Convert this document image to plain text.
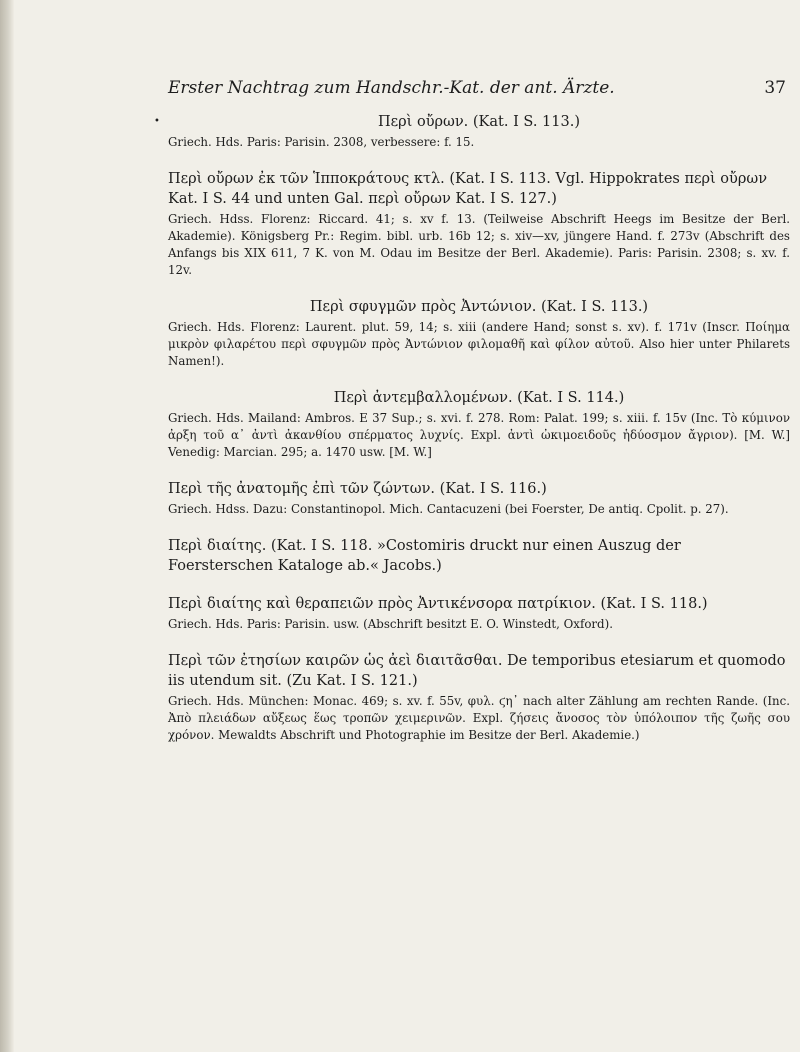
Erster Nachtrag zum Handschr.-Kat. der ant. Ärzte.	37
•	Περὶ οὔρων. (Kat. I S. 113.)

Griech. Hds. Paris: Parisin. 2308, verbessere: f. 15.

Περὶ οὔρων ἐκ τῶν Ἱπποκράτους κτλ. (Kat. I S. 113. Vgl. Hippokrates περὶ οὔρων Kat. I S. 44 und unten Gal. περὶ οὔρων Kat. I S. 127.)

Griech. Hdss. Florenz: Riccard. 41; s. xv f. 13. (Teilweise Abschrift Heegs im Besitze der Berl. Akademie). Königsberg Pr.: Regim. bibl. urb. 16b 12; s. xiv—xv, jüngere Hand. f. 273v (Abschrift des Anfangs bis XIX 611, 7 K. von M. Odau im Besitze der Berl. Akademie). Paris: Parisin. 2308; s. xv. f. 12v.

Περὶ σφυγμῶν πρὸς Ἀντώνιον. (Kat. I S. 113.)

Griech. Hds. Florenz: Laurent. plut. 59, 14; s. xiii (andere Hand; sonst s. xv). f. 171v (Inscr. Ποίημα μικρὸν φιλαρέτου περὶ σφυγμῶν πρὸς Ἀντώνιον φιλομαθῆ καὶ φίλον αὐτοῦ. Also hier unter Philarets Namen!).

Περὶ ἀντεμβαλλομένων. (Kat. I S. 114.)

Griech. Hds. Mailand: Ambros. E 37 Sup.; s. xvi. f. 278. Rom: Palat. 199; s. xiii. f. 15v (Inc. Τὸ κύμινον ἀρξη τοῦ α᾽ ἀντὶ ἀκανθίου σπέρματος λυχνίς. Expl. ἀντὶ ὠκιμοειδοῦς ἡδύοσμον ἄγριον). [M. W.] Venedig: Marcian. 295; a. 1470 usw. [M. W.]

Περὶ τῆς ἀνατομῆς ἐπὶ τῶν ζώντων. (Kat. I S. 116.)

Griech. Hdss. Dazu: Constantinopol. Mich. Cantacuzeni (bei Foerster, De antiq. Cpolit. p. 27).

Περὶ διαίτης. (Kat. I S. 118. »Costomiris druckt nur einen Auszug der Foersterschen Kataloge ab.« Jacobs.)

Περὶ διαίτης καὶ θεραπειῶν πρὸς Ἀντικένσορα πατρίκιον. (Kat. I S. 118.)

Griech. Hds. Paris: Parisin. usw. (Abschrift besitzt E. O. Winstedt, Oxford).

Περὶ τῶν ἐτησίων καιρῶν ὡς ἀεὶ διαιτᾶσθαι. De temporibus etesiarum et quomodo iis utendum sit. (Zu Kat. I S. 121.)

Griech. Hds. München: Monac. 469; s. xv. f. 55v, φυλ. ϛη᾽ nach alter Zählung am rechten Rande. (Inc. Ἀπὸ πλειάδων αὔξεως ἕως τροπῶν χειμερινῶν. Expl. ζήσεις ἄνοσος τὸν ὑπόλοιπον τῆς ζωῆς σου χρόνον. Mewaldts Abschrift und Photographie im Besitze der Berl. Akademie.)
